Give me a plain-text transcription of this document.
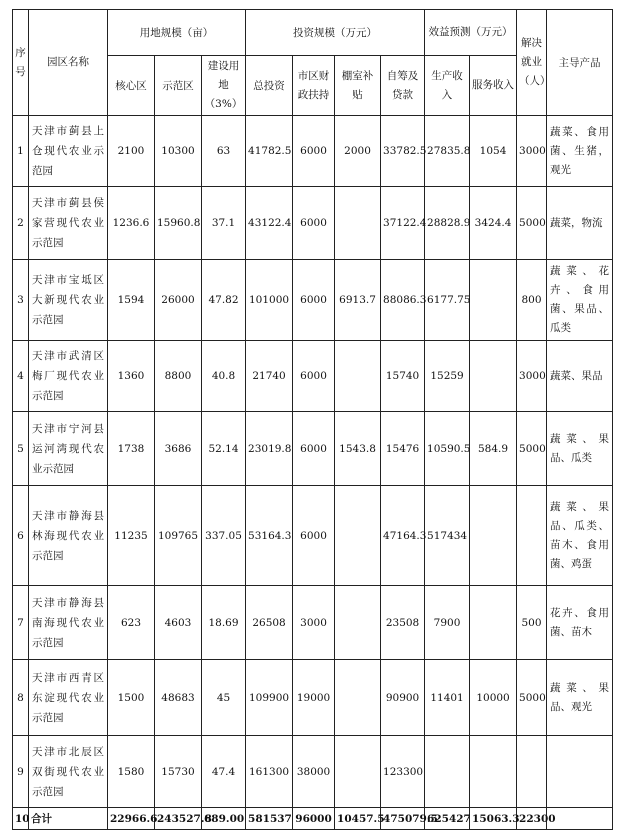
序号	园区名称	用地规模（亩）			投资规模（万元）				效益预测（万元）		解决就业（人）	主导产品
		核心区	示范区	建设用地（3%）	总投资	市区财政扶持	棚室补贴	自筹及贷款	生产收入	服务收入		
1	天津市蓟县上仓现代农业示范园	2100	10300	63	41782.5	6000	2000	33782.5	27835.8	1054	3000	蔬菜、食用菌、生猪，观光
2	天津市蓟县侯家营现代农业示范园	1236.6	15960.8	37.1	43122.4	6000		37122.4	28828.9	3424.4	5000	蔬菜，物流
3	天津市宝坻区大新现代农业示范园	1594	26000	47.82	101000	6000	6913.7	88086.3	6177.75		800	蔬菜、花卉、食用菌、果品、瓜类
4	天津市武清区梅厂现代农业示范园	1360	8800	40.8	21740	6000		15740	15259		3000	蔬菜、果品
5	天津市宁河县运河湾现代农业示范园	1738	3686	52.14	23019.8	6000	1543.8	15476	10590.5	584.9	5000	蔬菜、果品、瓜类
6	天津市静海县林海现代农业示范园	11235	109765	337.05	53164.3	6000		47164.3	517434			蔬菜、果品、瓜类、苗木、食用菌、鸡蛋
7	天津市静海县南海现代农业示范园	623	4603	18.69	26508	3000		23508	7900		500	花卉、食用菌、苗木
8	天津市西青区东淀现代农业示范园	1500	48683	45	109900	19000		90900	11401	10000	5000	蔬菜、果品、观光
9	天津市北辰区双街现代农业示范园	1580	15730	47.4	161300	38000		123300				
10	合计	22966.6	243527.8	689.00	581537	96000	10457.5	475079.5	625427	15063.3	22300	
